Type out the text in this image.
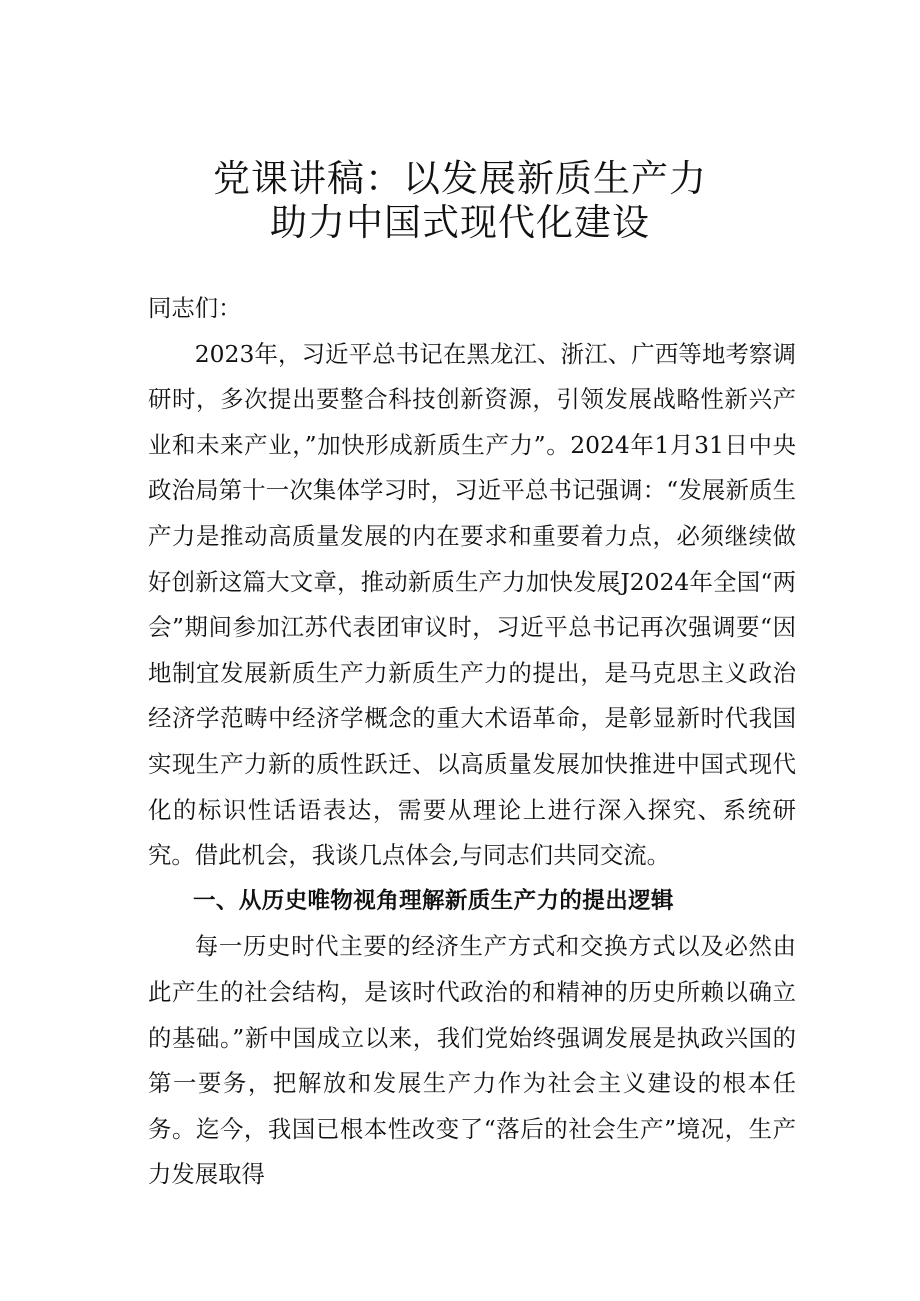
党课讲稿：以发展新质生产力
助力中国式现代化建设

同志们：

2023年，习近平总书记在黑龙江、浙江、广西等地考察调研时，多次提出要整合科技创新资源，引领发展战略性新兴产业和未来产业，”加快形成新质生产力”。2024年1月31日中央政治局第十一次集体学习时，习近平总书记强调：“发展新质生产力是推动高质量发展的内在要求和重要着力点，必须继续做好创新这篇大文章，推动新质生产力加快发展J2024年全国“两会”期间参加江苏代表团审议时，习近平总书记再次强调要“因地制宜发展新质生产力新质生产力的提出，是马克思主义政治经济学范畴中经济学概念的重大术语革命，是彰显新时代我国实现生产力新的质性跃迁、以高质量发展加快推进中国式现代化的标识性话语表达，需要从理论上进行深入探究、系统研究。借此机会，我谈几点体会,与同志们共同交流。

一、从历史唯物视角理解新质生产力的提出逻辑

每一历史时代主要的经济生产方式和交换方式以及必然由此产生的社会结构，是该时代政治的和精神的历史所赖以确立的基础。”新中国成立以来，我们党始终强调发展是执政兴国的第一要务，把解放和发展生产力作为社会主义建设的根本任务。迄今，我国已根本性改变了“落后的社会生产”境况，生产力发展取得
